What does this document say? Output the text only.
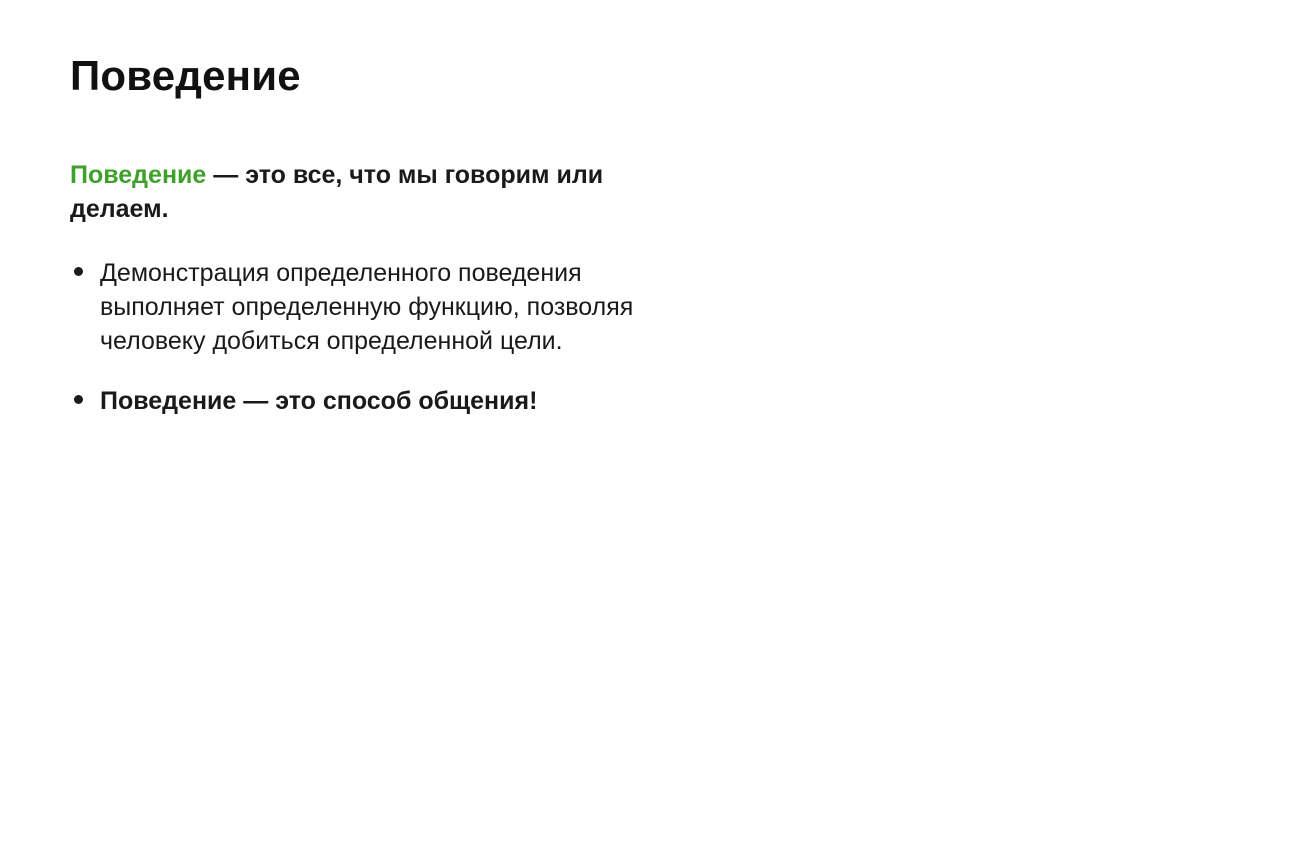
Поведение

Поведение — это все, что мы говорим или делаем.

Демонстрация определенного поведения выполняет определенную функцию, позволяя человеку добиться определенной цели.
Поведение — это способ общения!
